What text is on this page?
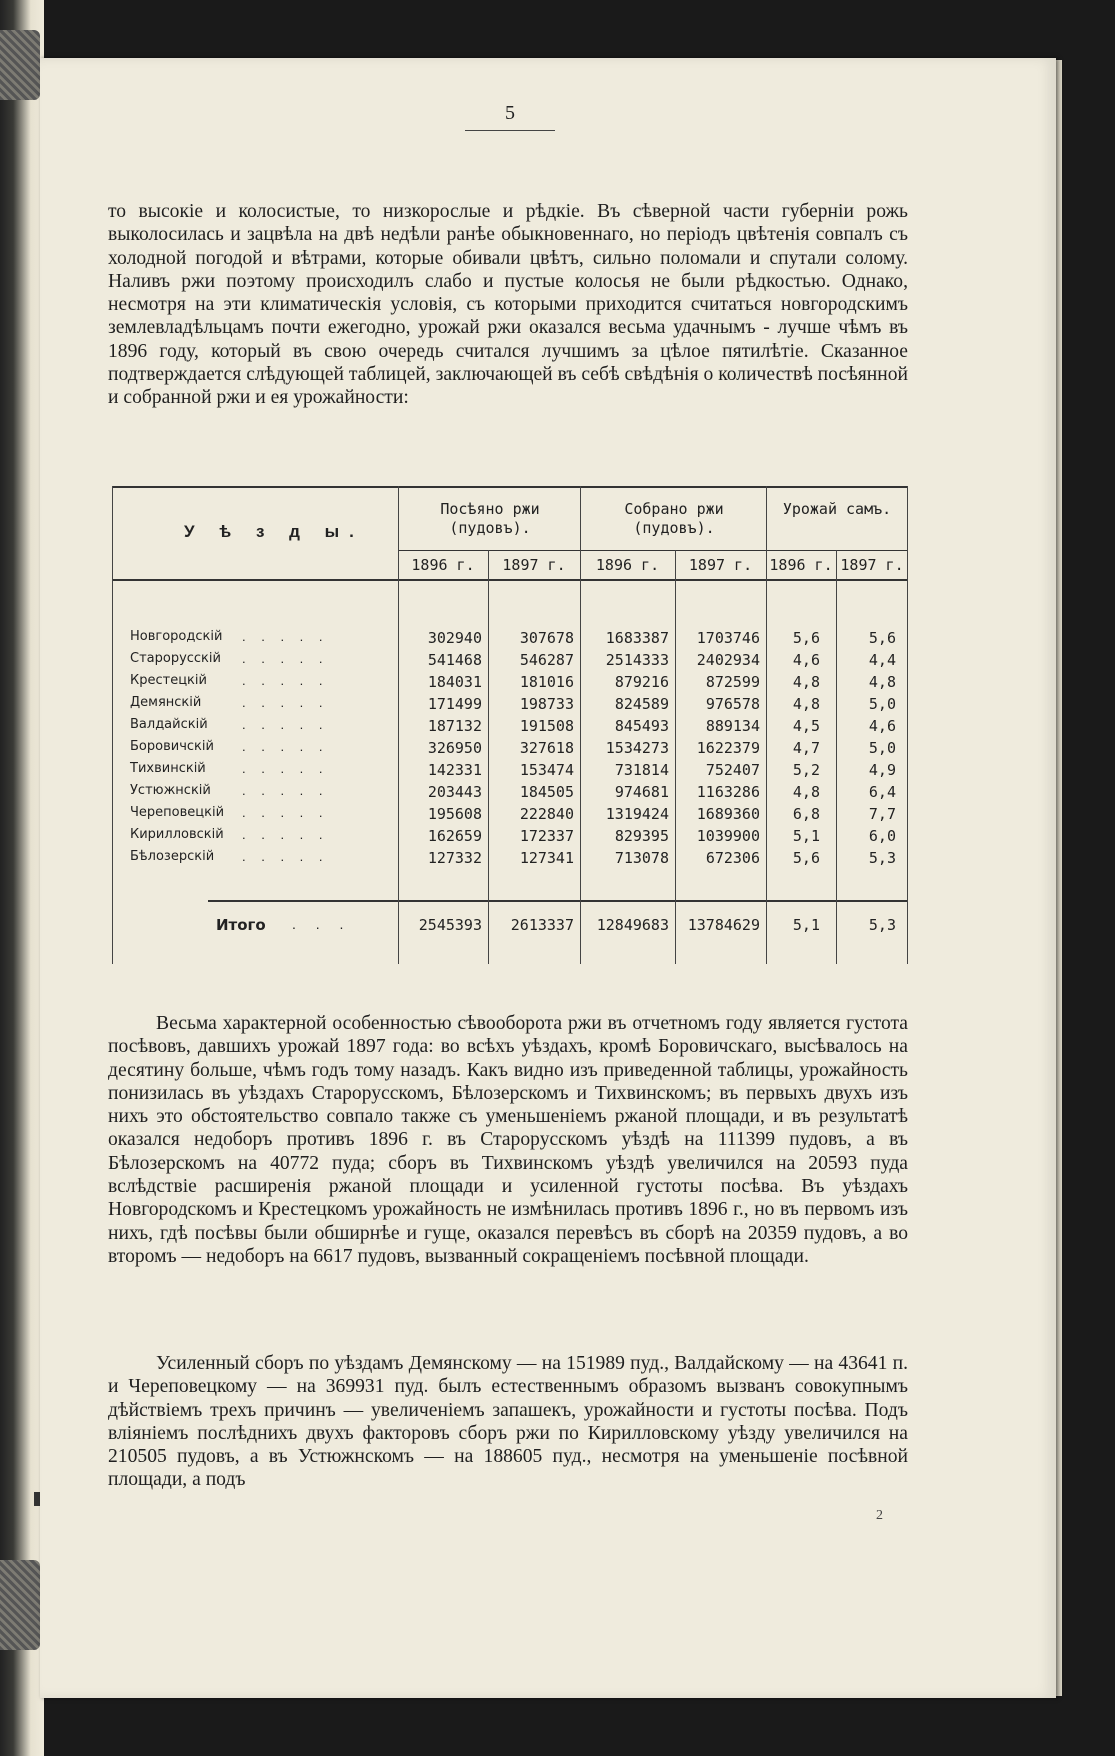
5

то высокіе и колосистые, то низкорослые и рѣдкіе. Въ сѣверной части губерніи рожь выколосилась и зацвѣла на двѣ недѣли ранѣе обыкновеннаго, но періодъ цвѣтенія совпалъ съ холодной погодой и вѣтрами, которые обивали цвѣтъ, сильно поломали и спутали солому. Наливъ ржи поэтому происходилъ слабо и пустые колосья не были рѣдкостью. Однако, несмотря на эти климатическія условія, съ которыми приходится считаться новгородскимъ землевладѣльцамъ почти ежегодно, урожай ржи оказался весьма удачнымъ - лучше чѣмъ въ 1896 году, который въ свою очередь считался лучшимъ за цѣлое пятилѣтіе. Сказанное подтверждается слѣдующей таблицей, заключающей въ себѣ свѣдѣнія о количествѣ посѣянной и собранной ржи и ея урожайности:

У ѣ з д ы.
Посѣяно ржи (пудовъ).
Собрано ржи (пудовъ).
Урожай самъ.
1896 г.	1897 г.	1896 г.	1897 г.	1896 г. 1897 г.
Новгородскій . . . . .	302940	307678	1683387	1703746	5,6	5,6
Старорусскій . . . . .	541468	546287	2514333	2402934	4,6	4,4
Крестецкій	. . . . .	184031	181016	879216	872599	4,8	4,8
Демянскій	. . . . .	171499	198733	824589	976578	4,8	5,0
Валдайскій	. . . . .	187132	191508	845493	889134	4,5	4,6
Боровичскій . . . . .	326950	327618	1534273	1622379	4,7	5,0
Тихвинскій	. . . . .	142331	153474	731814	752407	5,2	4,9
Устюжнскій . . . . .	203443	184505	974681	1163286	4,8	6,4
Череповецкій . . . . .	195608	222840	1319424	1689360	6,8	7,7
Кирилловскій . . . . .	162659	172337	829395	1039900	5,1	6,0
Бѣлозерскій . . . . .	127332	127341	713078	672306	5,6	5,3
Итого . . .	2545393	2613337	12849683	13784629	5,1	5,3

Весьма характерной особенностью сѣвооборота ржи въ отчетномъ году является густота посѣвовъ, давшихъ урожай 1897 года: во всѣхъ уѣздахъ, кромѣ Боровичскаго, высѣвалось на десятину больше, чѣмъ годъ тому назадъ. Какъ видно изъ приведенной таблицы, урожайность понизилась въ уѣздахъ Старорусскомъ, Бѣлозерскомъ и Тихвинскомъ; въ первыхъ двухъ изъ нихъ это обстоятельство совпало также съ уменьшеніемъ ржаной площади, и въ результатѣ оказался недоборъ противъ 1896 г. въ Старорусскомъ уѣздѣ на 111399 пудовъ, а въ Бѣлозерскомъ на 40772 пуда; сборъ въ Тихвинскомъ уѣздѣ увеличился на 20593 пуда вслѣдствіе расширенія ржаной площади и усиленной густоты посѣва. Въ уѣздахъ Новгородскомъ и Крестецкомъ урожайность не измѣнилась противъ 1896 г., но въ первомъ изъ нихъ, гдѣ посѣвы были обширнѣе и гуще, оказался перевѣсъ въ сборѣ на 20359 пудовъ, а во второмъ — недоборъ на 6617 пудовъ, вызванный сокращеніемъ посѣвной площади.

Усиленный сборъ по уѣздамъ Демянскому — на 151989 пуд., Валдайскому — на 43641 п. и Череповецкому — на 369931 пуд. былъ естественнымъ образомъ вызванъ совокупнымъ дѣйствіемъ трехъ причинъ — увеличеніемъ запашекъ, урожайности и густоты посѣва. Подъ вліяніемъ послѣднихъ двухъ факторовъ сборъ ржи по Кирилловскому уѣзду увеличился на 210505 пудовъ, а въ Устюжнскомъ — на 188605 пуд., несмотря на уменьшеніе посѣвной площади, а подъ

2
